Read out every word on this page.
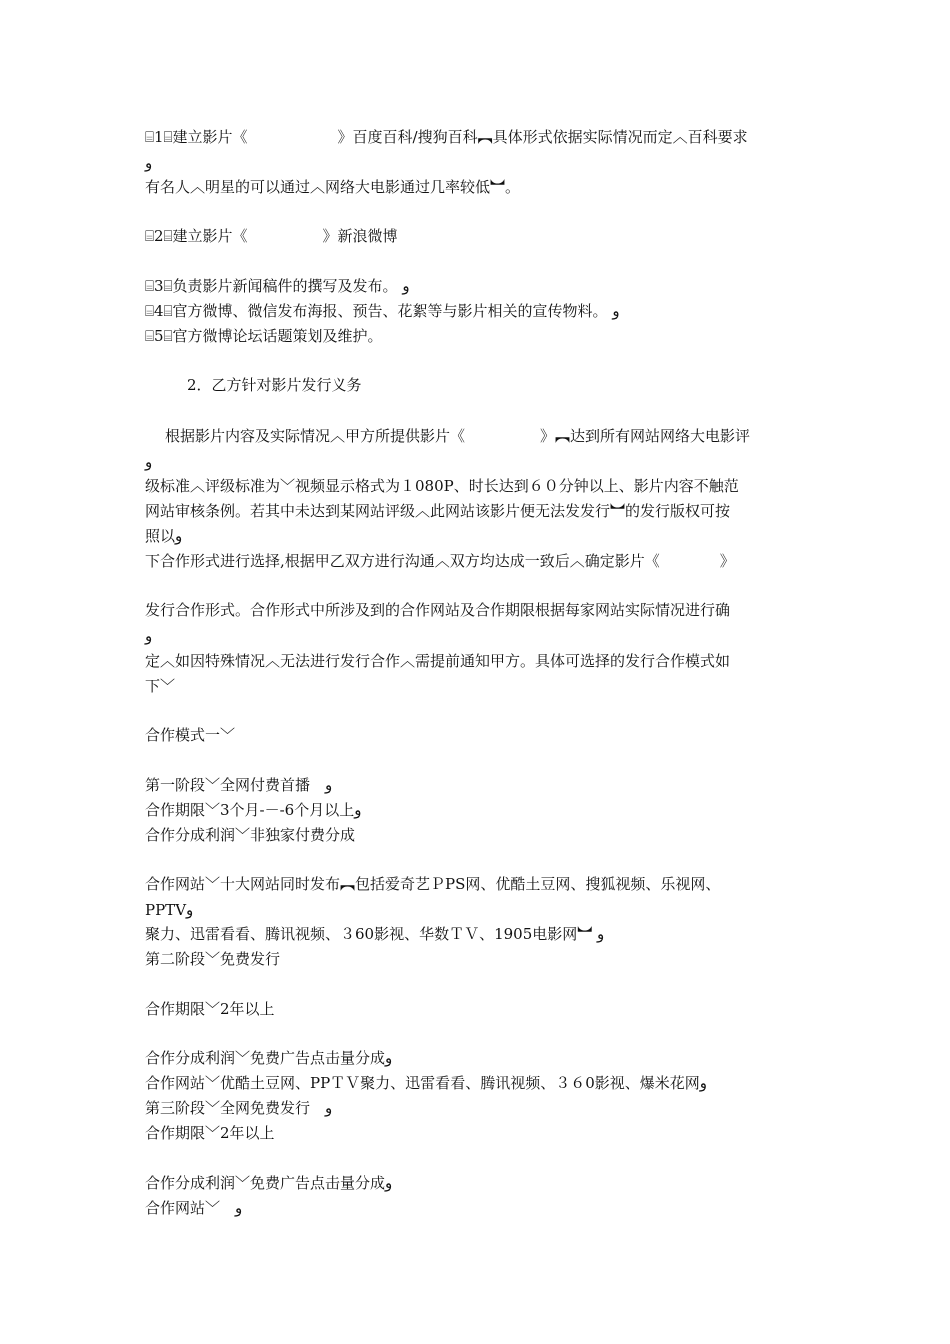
⌸1⌸建立影片《　　　　　　》百度百科/搜狗百科︻具体形式依据实际情况而定︿百科要求
ﻭ
有名人︿明星的可以通过︿网络大电影通过几率较低︼。
⌸2⌸建立影片《　　　　　》新浪微博
⌸3⌸负责影片新闻稿件的撰写及发布。 ﻭ
⌸4⌸官方微博、微信发布海报、预告、花絮等与影片相关的宣传物料。 ﻭ
⌸5⌸官方微博论坛话题策划及维护。
2．乙方针对影片发行义务
根据影片内容及实际情况︿甲方所提供影片《　　　　　》︻达到所有网站网络大电影评
ﻭ
级标准︿评级标准为﹀视频显示格式为１080P、时长达到６０分钟以上、影片内容不触范
网站审核条例。若其中未达到某网站评级︿此网站该影片便无法发发行︼的发行版权可按
照以ﻭ
下合作形式进行选择,根据甲乙双方进行沟通︿双方均达成一致后︿确定影片《　　　　》
发行合作形式。合作形式中所涉及到的合作网站及合作期限根据每家网站实际情况进行确
ﻭ
定︿如因特殊情况︿无法进行发行合作︿需提前通知甲方。具体可选择的发行合作模式如
下﹀
合作模式一﹀
第一阶段﹀全网付费首播　ﻭ
合作期限﹀3个月-－-6个月以上ﻭ
合作分成利润﹀非独家付费分成
合作网站﹀十大网站同时发布︻包括爱奇艺ＰPS网、优酷土豆网、搜狐视频、乐视网、
PPTVﻭ
聚力、迅雷看看、腾讯视频、３60影视、华数ＴＶ、1905电影网︼ ﻭ
第二阶段﹀免费发行
合作期限﹀2年以上
合作分成利润﹀免费广告点击量分成ﻭ
合作网站﹀优酷土豆网、PPＴＶ聚力、迅雷看看、腾讯视频、３６0影视、爆米花网ﻭ
第三阶段﹀全网免费发行　ﻭ
合作期限﹀2年以上
合作分成利润﹀免费广告点击量分成ﻭ
合作网站﹀　ﻭ
